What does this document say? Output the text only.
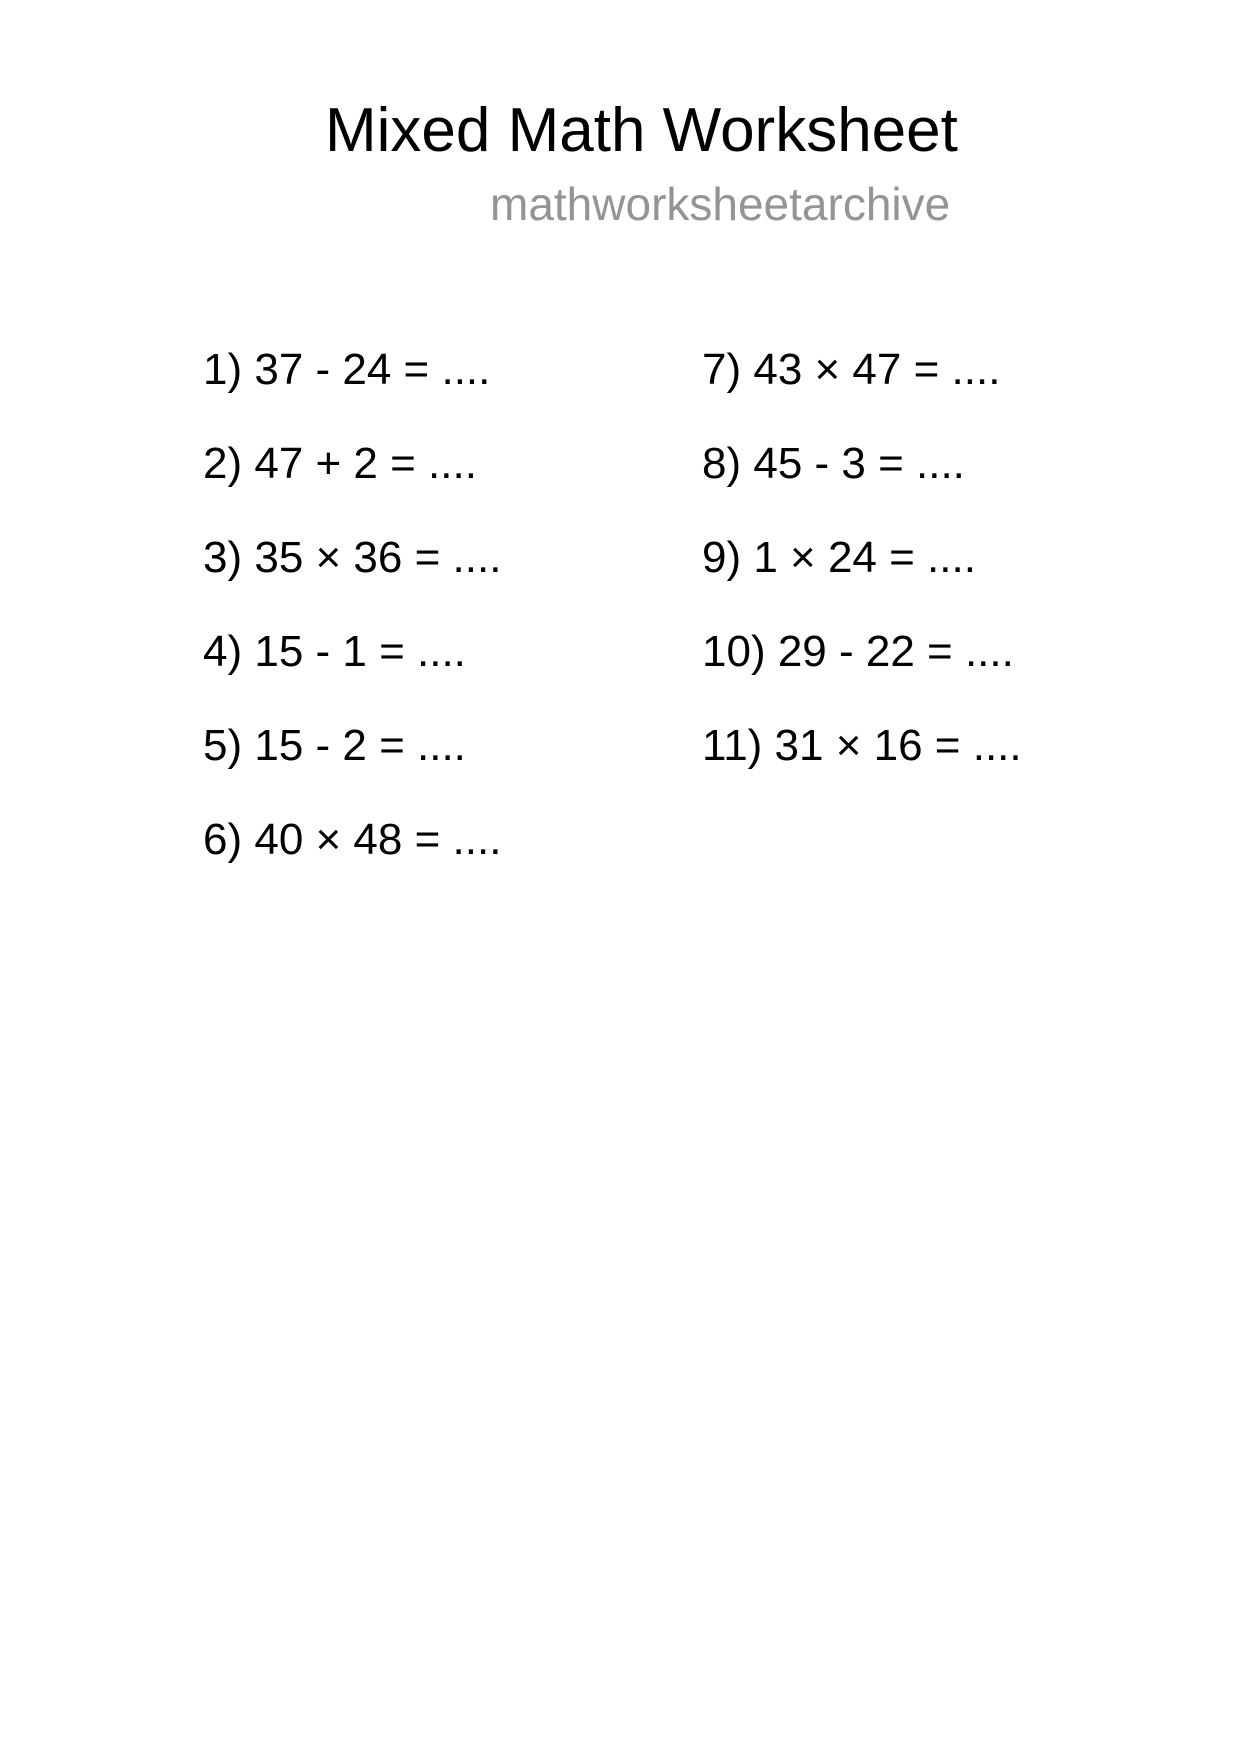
Mixed Math Worksheet
mathworksheetarchive
1) 37 - 24 = ....
2) 47 + 2 = ....
3) 35 × 36 = ....
4) 15 - 1 = ....
5) 15 - 2 = ....
6) 40 × 48 = ....
7) 43 × 47 = ....
8) 45 - 3 = ....
9) 1 × 24 = ....
10) 29 - 22 = ....
11) 31 × 16 = ....
